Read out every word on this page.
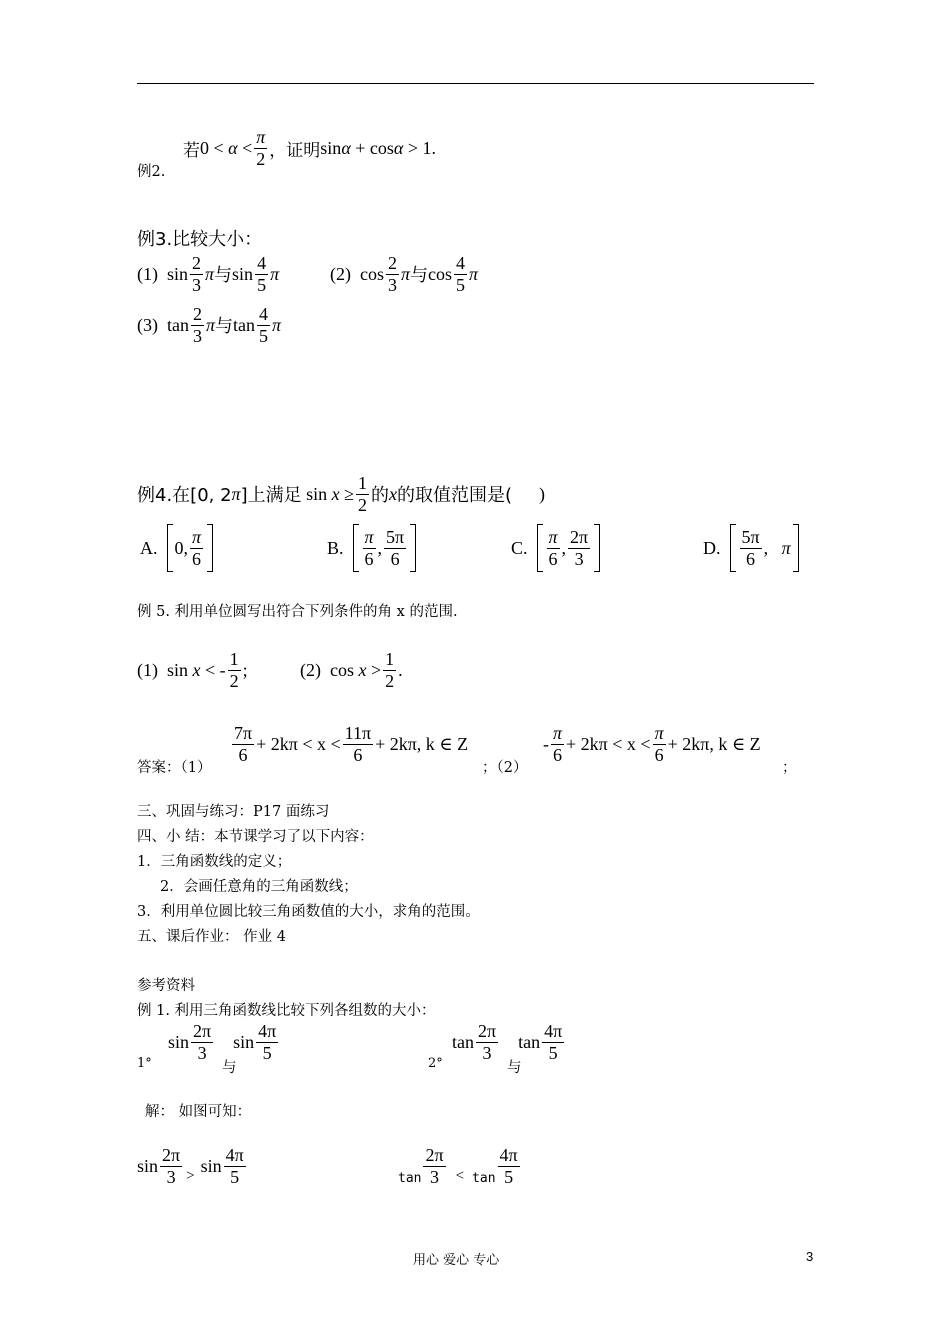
例2.
若 0 <
α
< $\frac{\pi}{2}$ ，证明 sin α
+ cos α
> 1.
例3.比较大小：
(1)
$\sin \frac{2}{3}$ π 与 $\sin \frac{4}{5}$ π	(2)
$\cos \frac{2}{3}$ π 与 $\cos \frac{4}{5}$ π
(3)
$\tan \frac{2}{3}$ π 与 $\tan \frac{4}{5}$ π
例4.在[0, 2 π ]上满足
sin
x
≥ $\frac{1}{2}$ 的 x 的取值范围是(
)
A.
0, $\frac{\pi}{6}$	B.
$\frac{\pi}{6}$ , $\frac{5\pi}{6}$	C.
$\frac{\pi}{6}$ , $\frac{2\pi}{3}$	D.
$\frac{5\pi}{6}$ ,
π
例 5. 利用单位圆写出符合下列条件的角 x 的范围.
(1)
sin
x
< - $\frac{1}{2}$ ;	(2)
cos
x
> $\frac{1}{2}$ .
答案：（1）
$\frac{7\pi}{6} + 2k\pi < x < \frac{11\pi}{6} + 2k\pi$, k ∈ Z
；（2）
- $\frac{\pi}{6} + 2k\pi < x < \frac{\pi}{6} + 2k\pi$, k ∈ Z
；
三、巩固与练习：P17 面练习
四、小 结：本节课学习了以下内容：
1．三角函数线的定义；
2．会画任意角的三角函数线；
3．利用单位圆比较三角函数值的大小，求角的范围。
五、课后作业： 作业 4
参考资料
例 1. 利用三角函数线比较下列各组数的大小：
1°
$\sin \frac{2\pi}{3}$ $\sin \frac{4\pi}{5}$
与	2°
$\tan \frac{2\pi}{3}$ $\tan \frac{4\pi}{5}$
与
解： 如图可知：
$\sin \frac{2\pi}{3} > \sin \frac{4\pi}{5}$	$\tan \frac{2\pi}{3} < \tan \frac{4\pi}{5}$
用心 爱心 专心	3
